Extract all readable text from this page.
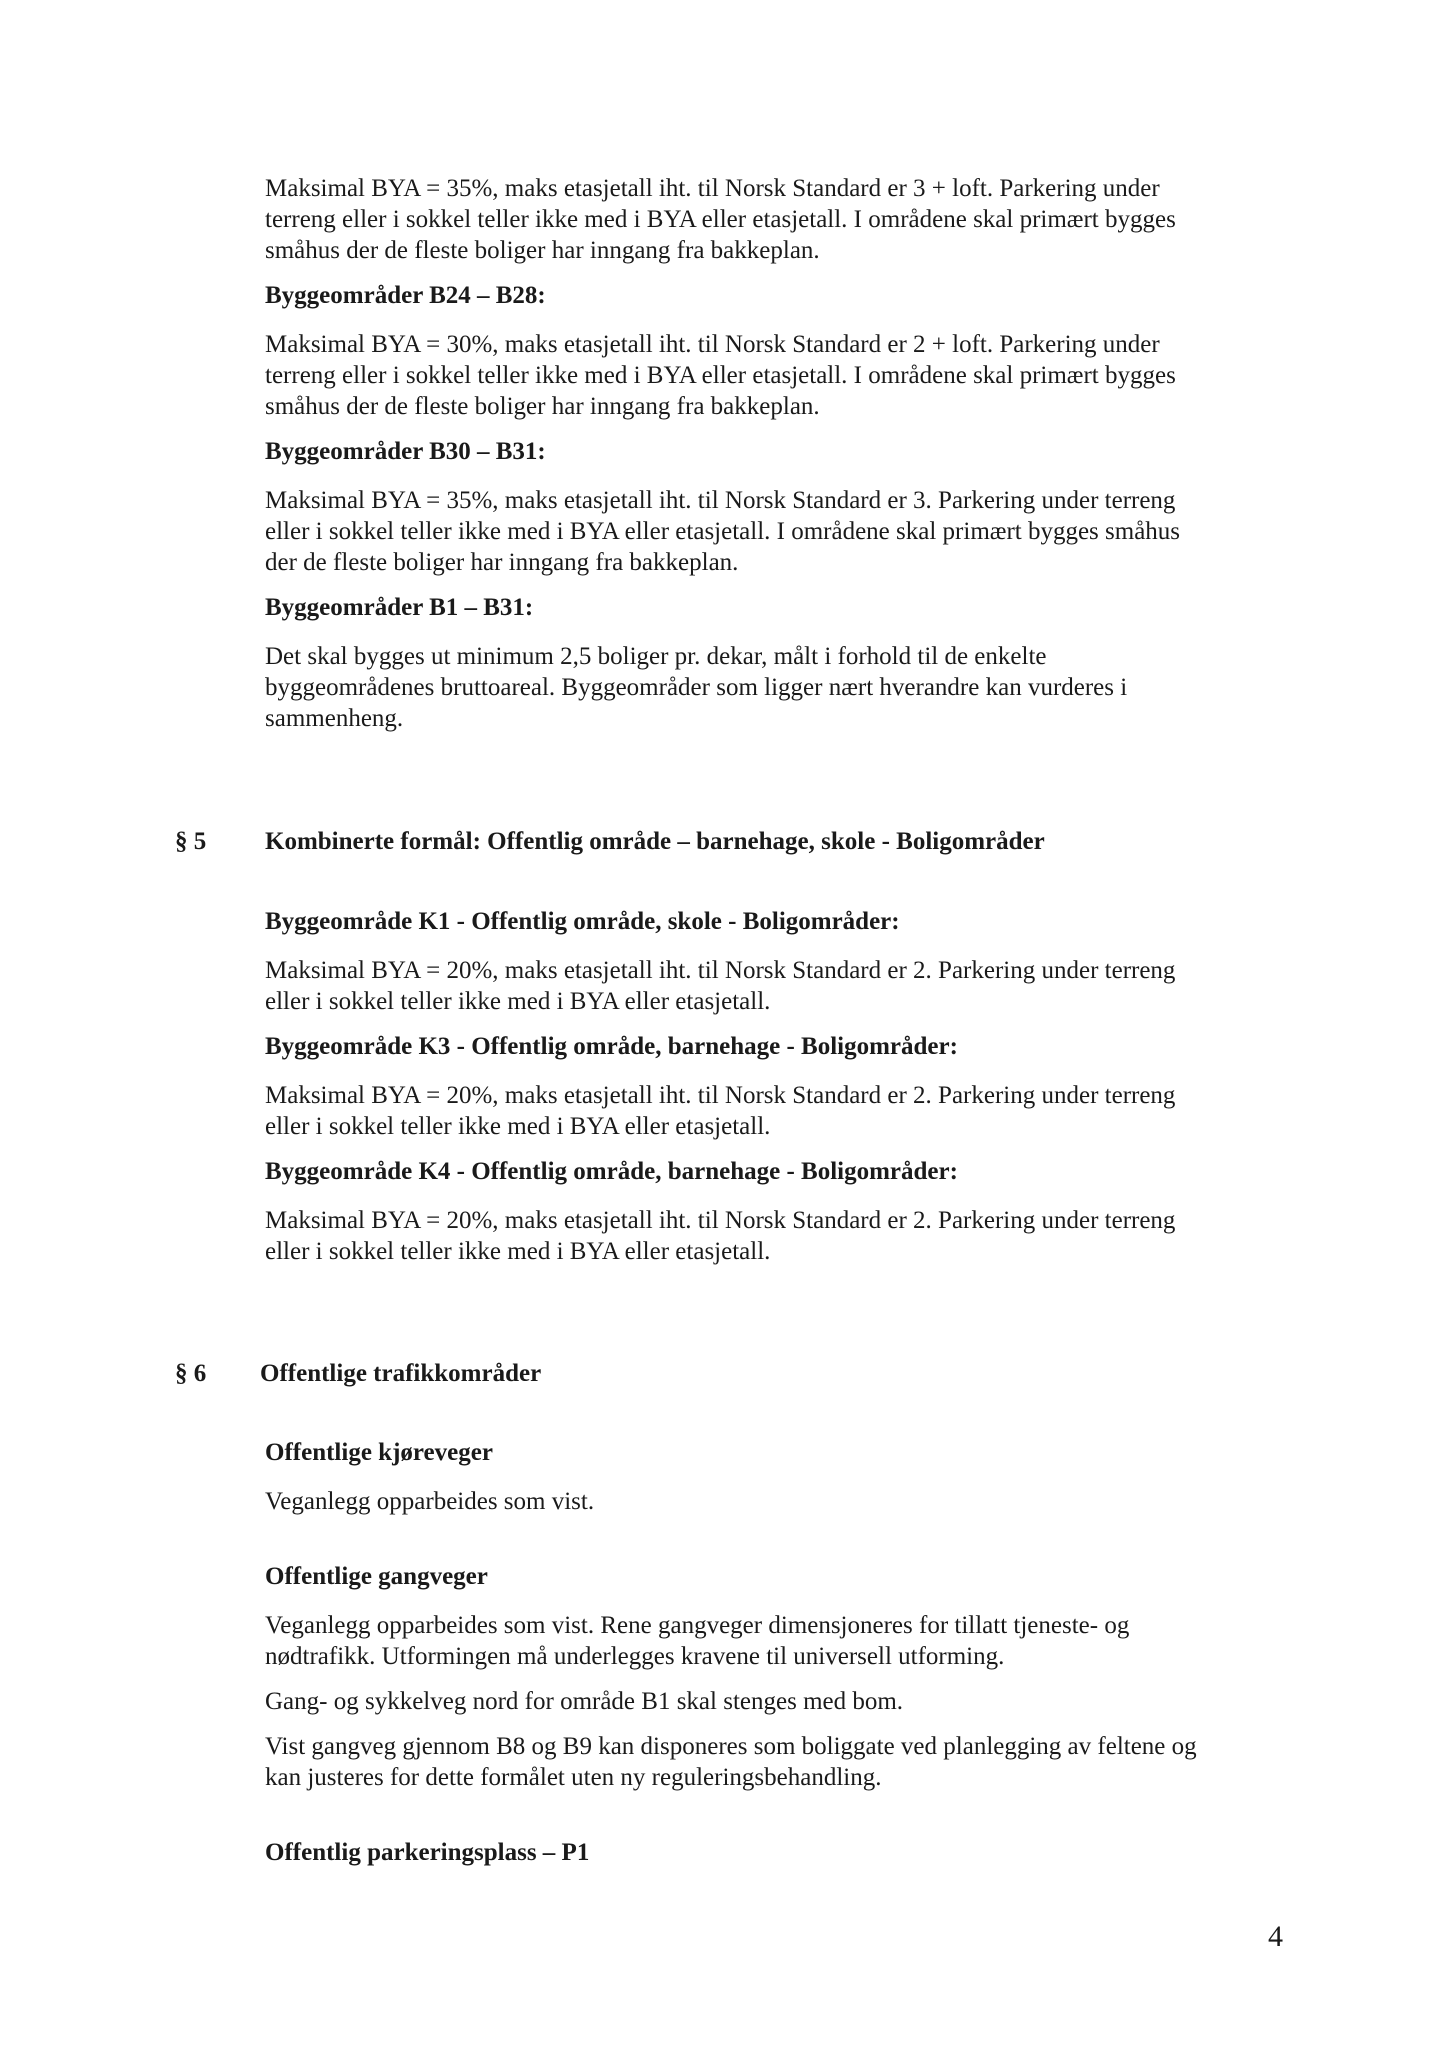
Maksimal BYA = 35%, maks etasjetall iht. til Norsk Standard er 3 + loft. Parkering under
terreng eller i sokkel teller ikke med i BYA eller etasjetall. I områdene skal primært bygges
småhus der de fleste boliger har inngang fra bakkeplan.

Byggeområder B24 – B28:

Maksimal BYA = 30%, maks etasjetall iht. til Norsk Standard er 2 + loft. Parkering under
terreng eller i sokkel teller ikke med i BYA eller etasjetall. I områdene skal primært bygges
småhus der de fleste boliger har inngang fra bakkeplan.

Byggeområder B30 – B31:

Maksimal BYA = 35%, maks etasjetall iht. til Norsk Standard er 3. Parkering under terreng
eller i sokkel teller ikke med i BYA eller etasjetall. I områdene skal primært bygges småhus
der de fleste boliger har inngang fra bakkeplan.

Byggeområder B1 – B31:

Det skal bygges ut minimum 2,5 boliger pr. dekar, målt i forhold til de enkelte
byggeområdenes bruttoareal. Byggeområder som ligger nært hverandre kan vurderes i
sammenheng.

§ 5	Kombinerte formål: Offentlig område – barnehage, skole - Boligområder
Byggeområde K1 - Offentlig område, skole - Boligområder:

Maksimal BYA = 20%, maks etasjetall iht. til Norsk Standard er 2. Parkering under terreng
eller i sokkel teller ikke med i BYA eller etasjetall.

Byggeområde K3 - Offentlig område, barnehage - Boligområder:

Maksimal BYA = 20%, maks etasjetall iht. til Norsk Standard er 2. Parkering under terreng
eller i sokkel teller ikke med i BYA eller etasjetall.

Byggeområde K4 - Offentlig område, barnehage - Boligområder:

Maksimal BYA = 20%, maks etasjetall iht. til Norsk Standard er 2. Parkering under terreng
eller i sokkel teller ikke med i BYA eller etasjetall.

§ 6	Offentlige trafikkområder
Offentlige kjøreveger

Veganlegg opparbeides som vist.

Offentlige gangveger

Veganlegg opparbeides som vist. Rene gangveger dimensjoneres for tillatt tjeneste- og
nødtrafikk. Utformingen må underlegges kravene til universell utforming.

Gang- og sykkelveg nord for område B1 skal stenges med bom.

Vist gangveg gjennom B8 og B9 kan disponeres som boliggate ved planlegging av feltene og
kan justeres for dette formålet uten ny reguleringsbehandling.

Offentlig parkeringsplass – P1
4
